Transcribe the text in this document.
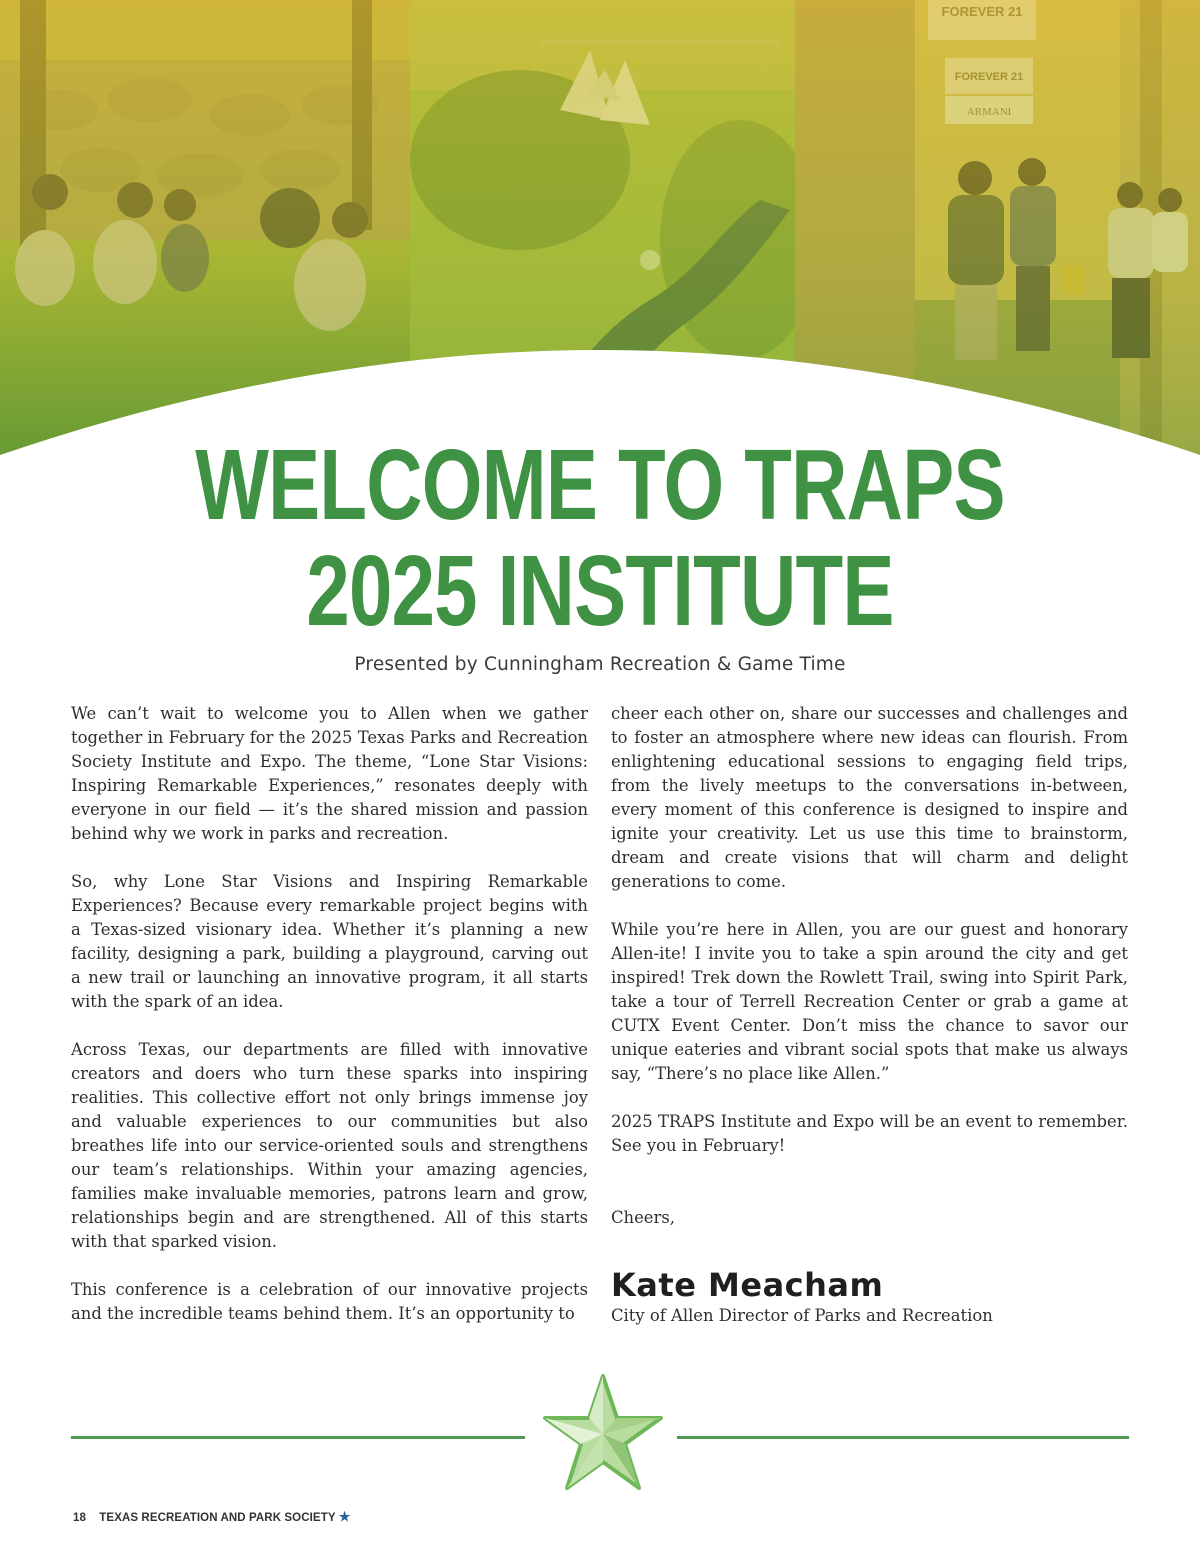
WELCOME TO TRAPS
2025 INSTITUTE
Presented by Cunningham Recreation & Game Time

We can’t wait to welcome you to Allen when we gather together in February for the 2025 Texas Parks and Recreation Society Institute and Expo. The theme, “Lone Star Visions: Inspiring Remarkable Experiences,” resonates deeply with everyone in our field — it’s the shared mission and passion behind why we work in parks and recreation.

So, why Lone Star Visions and Inspiring Remarkable Experiences? Because every remarkable project begins with a Texas-sized visionary idea. Whether it’s planning a new facility, designing a park, building a playground, carving out a new trail or launching an innovative program, it all starts with the spark of an idea.

Across Texas, our departments are filled with innovative creators and doers who turn these sparks into inspiring realities. This collective effort not only brings immense joy and valuable experiences to our communities but also breathes life into our service-oriented souls and strengthens our team’s relationships. Within your amazing agencies, families make invaluable memories, patrons learn and grow, relationships begin and are strengthened. All of this starts with that sparked vision.

This conference is a celebration of our innovative projects and the incredible teams behind them. It’s an opportunity to

cheer each other on, share our successes and challenges and to foster an atmosphere where new ideas can flourish. From enlightening educational sessions to engaging field trips, from the lively meetups to the conversations in-between, every moment of this conference is designed to inspire and ignite your creativity. Let us use this time to brainstorm, dream and create visions that will charm and delight generations to come.

While you’re here in Allen, you are our guest and honorary Allen-ite! I invite you to take a spin around the city and get inspired! Trek down the Rowlett Trail, swing into Spirit Park, take a tour of Terrell Recreation Center or grab a game at CUTX Event Center. Don’t miss the chance to savor our unique eateries and vibrant social spots that make us always say, “There’s no place like Allen.”

2025 TRAPS Institute and Expo will be an event to remember. See you in February!

Cheers,

Kate Meacham

City of Allen Director of Parks and Recreation

18 TEXAS RECREATION AND PARK SOCIETY ★
